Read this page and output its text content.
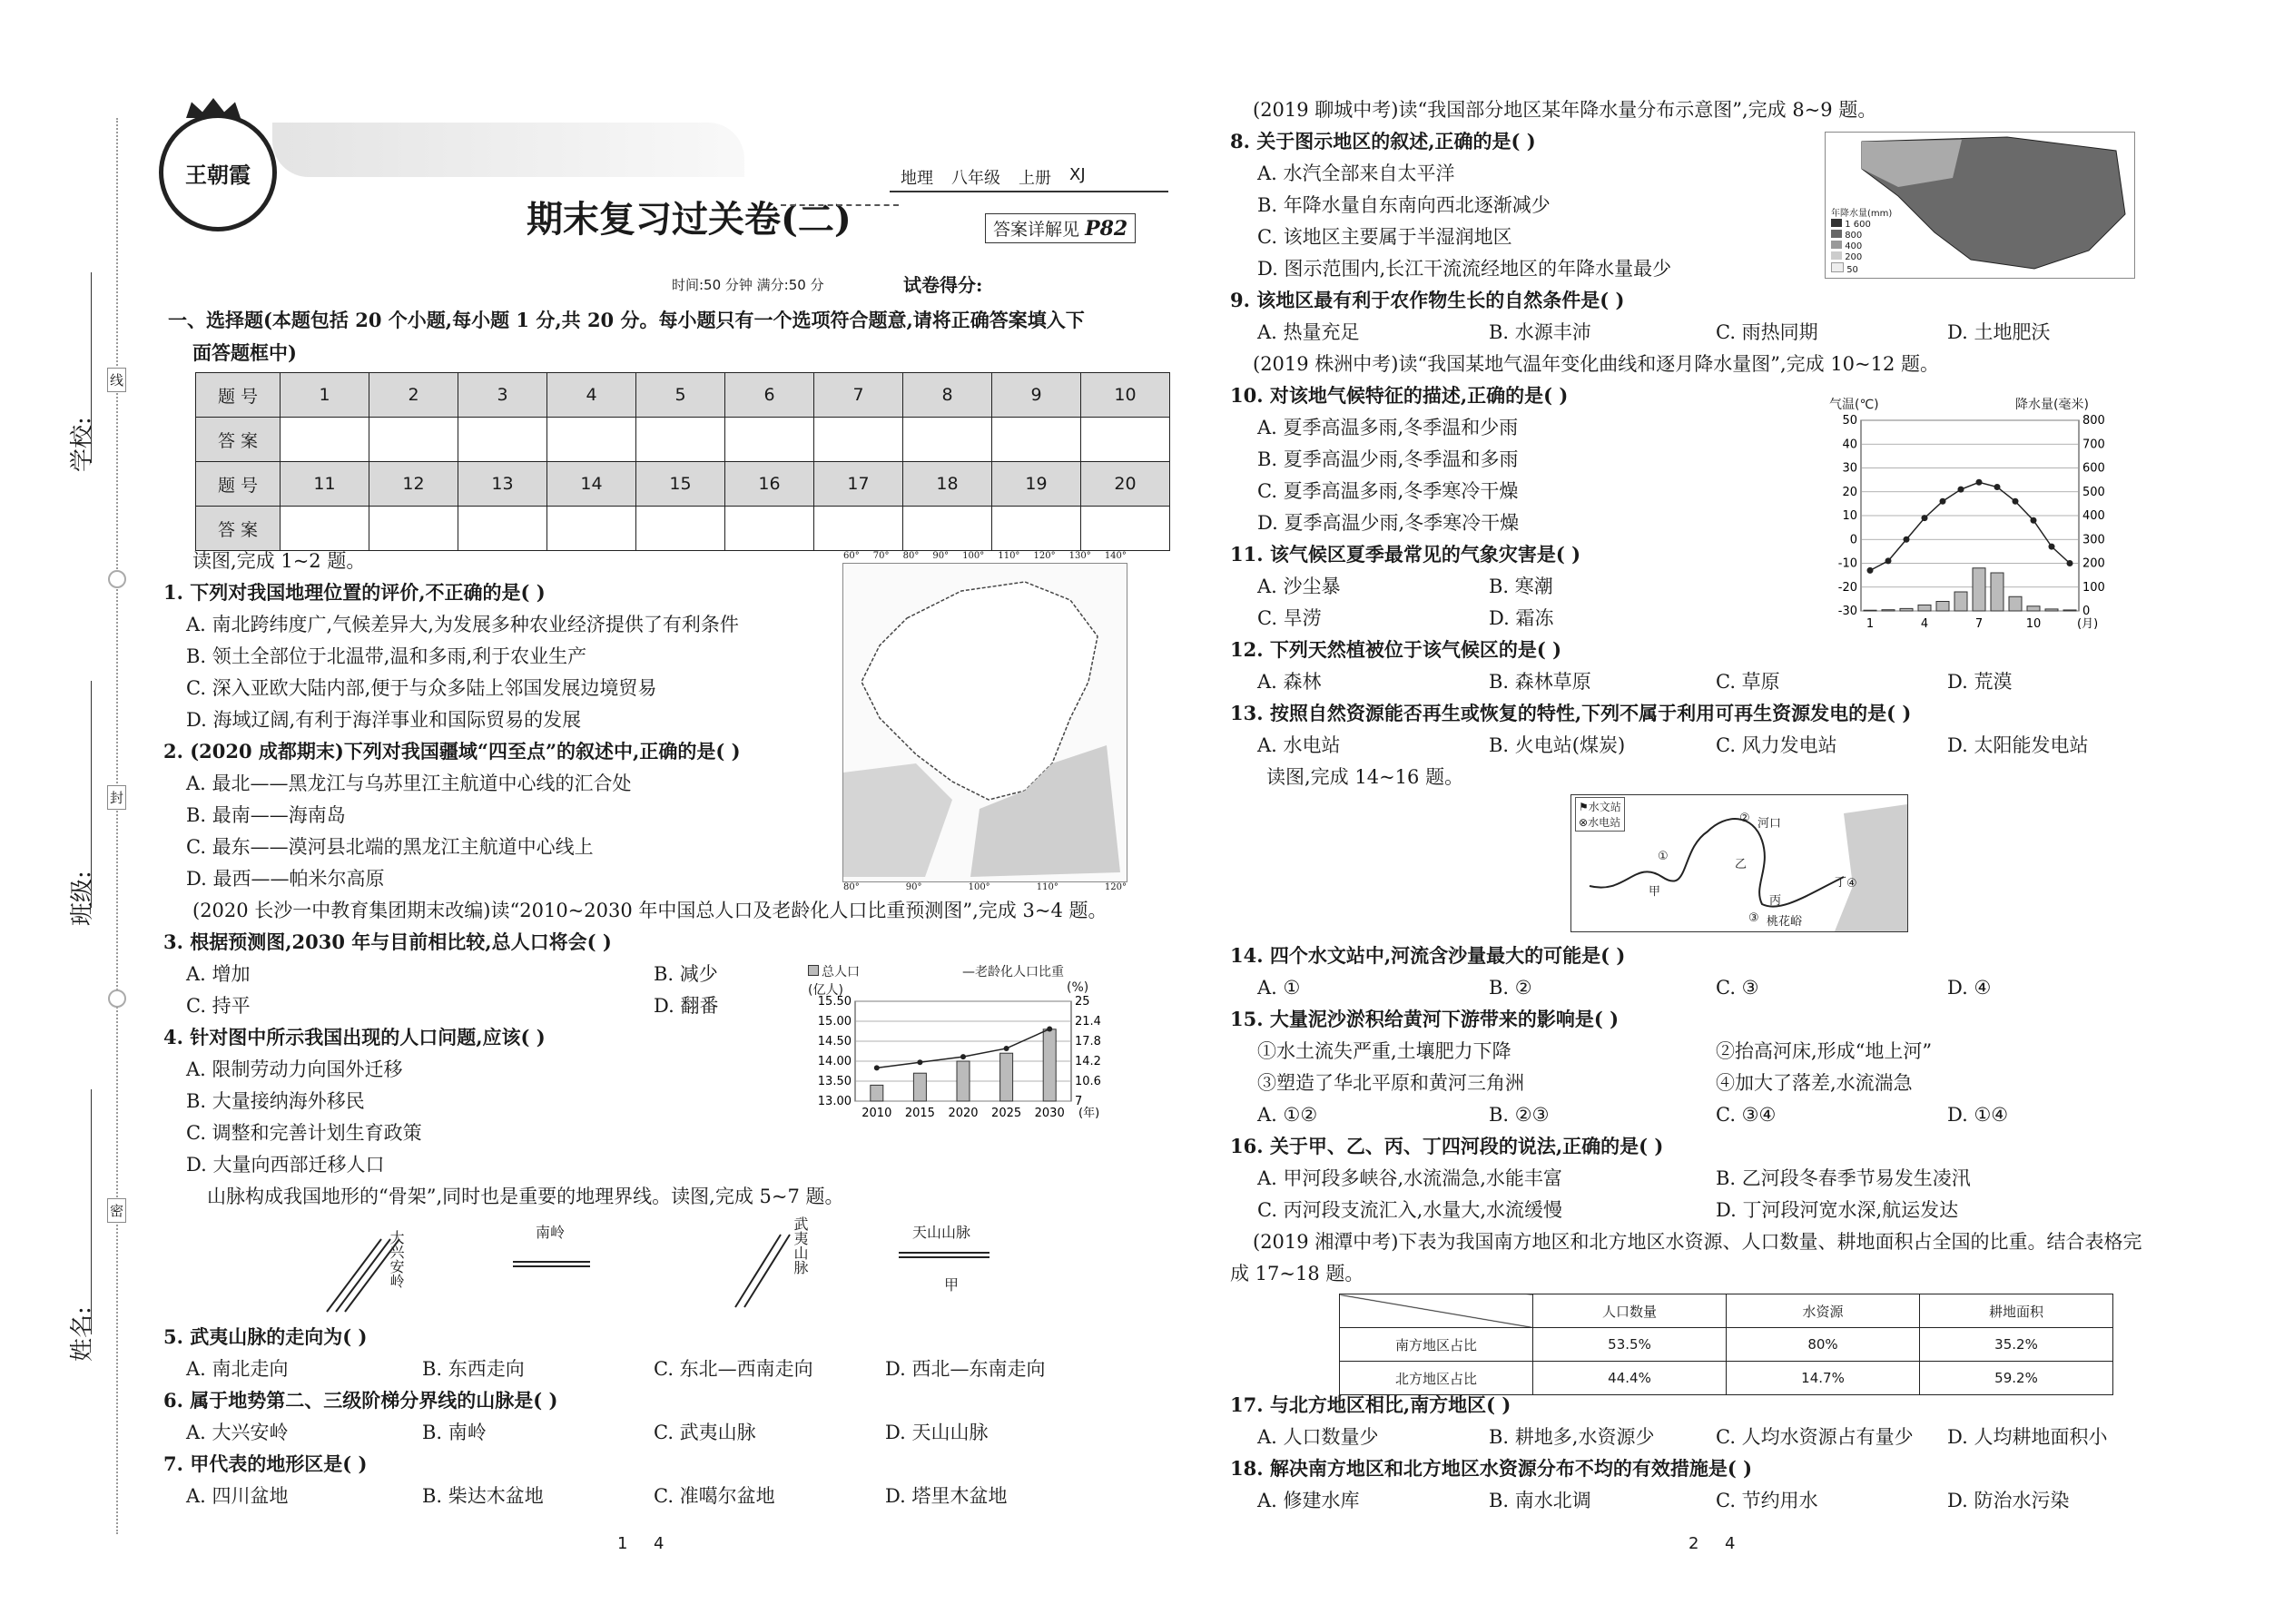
学校:
班级:
姓名:
线
封
密
王朝霞	地理 八年级 上册 XJ
期末复习过关卷(二)	答案详解见 P82
时间:50 分钟 满分:50 分	试卷得分:
一、选择题(本题包括 20 个小题,每小题 1 分,共 20 分。每小题只有一个选项符合题意,请将正确答案填入下
面答题框中)
题 号	1	2	3	4	5	6	7	8	9	10
答 案										
题 号	11	12	13	14	15	16	17	18	19	20
答 案										
读图,完成 1~2 题。
1. 下列对我国地理位置的评价,不正确的是( )
A. 南北跨纬度广,气候差异大,为发展多种农业经济提供了有利条件
B. 领土全部位于北温带,温和多雨,利于农业生产
C. 深入亚欧大陆内部,便于与众多陆上邻国发展边境贸易
D. 海域辽阔,有利于海洋事业和国际贸易的发展
2. (2020 成都期末)下列对我国疆域“四至点”的叙述中,正确的是( )
A. 最北——黑龙江与乌苏里江主航道中心线的汇合处
B. 最南——海南岛
C. 最东——漠河县北端的黑龙江主航道中心线上
D. 最西——帕米尔高原
60° 70° 80° 90° 100° 110° 120° 130° 140°
80°	90°	100°	110°	120°
(2020 长沙一中教育集团期末改编)读“2010~2030 年中国总人口及老龄化人口比重预测图”,完成 3~4 题。
3. 根据预测图,2030 年与目前相比较,总人口将会( )
A. 增加	B. 减少
C. 持平	D. 翻番
4. 针对图中所示我国出现的人口问题,应该( )
A. 限制劳动力向国外迁移
B. 大量接纳海外移民
C. 调整和完善计划生育政策
D. 大量向西部迁移人口
总人口	—老龄化人口比重
(亿人)	(%)
15.50
15.00
14.50
14.00
13.50
13.00
25
21.4
17.8
14.2
10.6
7
2010 2015 2020 2025 2030 (年)
山脉构成我国地形的“骨架”,同时也是重要的地理界线。读图,完成 5~7 题。
大兴安岭	南岭	武夷山脉	天山山脉
甲
5. 武夷山脉的走向为( )
A. 南北走向	B. 东西走向	C. 东北—西南走向	D. 西北—东南走向
6. 属于地势第二、三级阶梯分界线的山脉是( )
A. 大兴安岭	B. 南岭	C. 武夷山脉	D. 天山山脉
7. 甲代表的地形区是( )
A. 四川盆地	B. 柴达木盆地	C. 准噶尔盆地	D. 塔里木盆地
1     4
(2019 聊城中考)读“我国部分地区某年降水量分布示意图”,完成 8~9 题。
8. 关于图示地区的叙述,正确的是( )
A. 水汽全部来自太平洋
B. 年降水量自东南向西北逐渐减少
C. 该地区主要属于半湿润地区
D. 图示范围内,长江干流流经地区的年降水量最少
年降水量(mm)
1 600
800
400
200
50
9. 该地区最有利于农作物生长的自然条件是( )
A. 热量充足	B. 水源丰沛	C. 雨热同期	D. 土地肥沃
(2019 株洲中考)读“我国某地气温年变化曲线和逐月降水量图”,完成 10~12 题。
10. 对该地气候特征的描述,正确的是( )
A. 夏季高温多雨,冬季温和少雨
B. 夏季高温少雨,冬季温和多雨
C. 夏季高温多雨,冬季寒冷干燥
D. 夏季高温少雨,冬季寒冷干燥
气温(℃)	降水量(毫米)
50	800
40	700
30	600
20	500
10	400
0	300
-10	200
-20	100
-30	0
1	4	7	10	(月)
11. 该气候区夏季最常见的气象灾害是( )
A. 沙尘暴	B. 寒潮
C. 旱涝	D. 霜冻
12. 下列天然植被位于该气候区的是( )
A. 森林	B. 森林草原	C. 草原	D. 荒漠
13. 按照自然资源能否再生或恢复的特性,下列不属于利用可再生资源发电的是( )
A. 水电站	B. 火电站(煤炭)	C. 风力发电站	D. 太阳能发电站
读图,完成 14~16 题。
⚑水文站
⊗水电站	河口
②
①
甲
乙
丙
丁 ④
③ 桃花峪
14. 四个水文站中,河流含沙量最大的可能是( )
A. ①	B. ②	C. ③	D. ④
15. 大量泥沙淤积给黄河下游带来的影响是( )
①水土流失严重,土壤肥力下降	②抬高河床,形成“地上河”
③塑造了华北平原和黄河三角洲	④加大了落差,水流湍急
A. ①②	B. ②③	C. ③④	D. ①④
16. 关于甲、乙、丙、丁四河段的说法,正确的是( )
A. 甲河段多峡谷,水流湍急,水能丰富	B. 乙河段冬春季节易发生凌汛
C. 丙河段支流汇入,水量大,水流缓慢	D. 丁河段河宽水深,航运发达
(2019 湘潭中考)下表为我国南方地区和北方地区水资源、人口数量、耕地面积占全国的比重。结合表格完
成 17~18 题。
	人口数量	水资源	耕地面积
南方地区占比	53.5%	80%	35.2%
北方地区占比	44.4%	14.7%	59.2%
17. 与北方地区相比,南方地区( )
A. 人口数量少	B. 耕地多,水资源少	C. 人均水资源占有量少 D. 人均耕地面积小
18. 解决南方地区和北方地区水资源分布不均的有效措施是( )
A. 修建水库	B. 南水北调	C. 节约用水	D. 防治水污染
2     4
